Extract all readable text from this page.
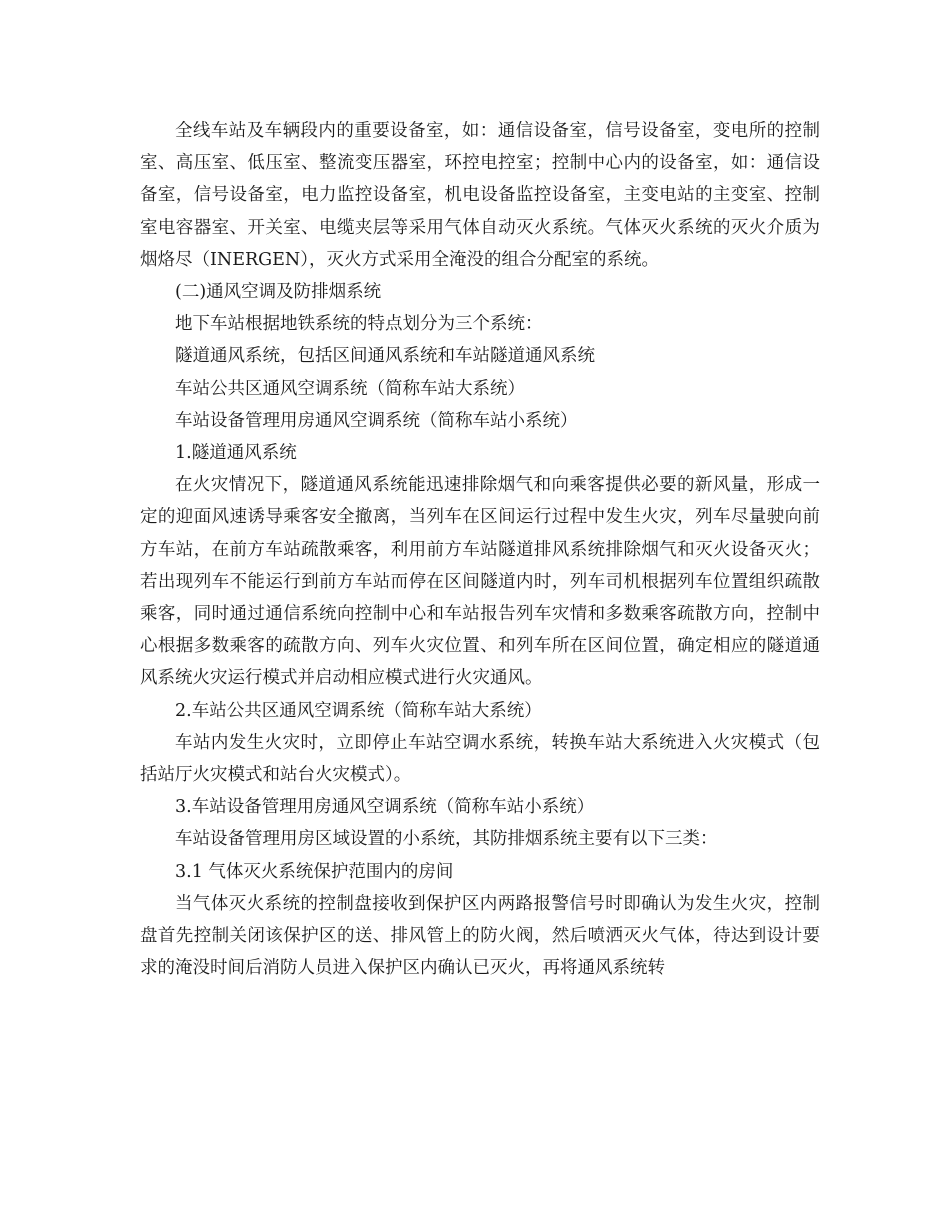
全线车站及车辆段内的重要设备室，如：通信设备室，信号设备室，变电所的控制室、高压室、低压室、整流变压器室，环控电控室；控制中心内的设备室，如：通信设备室，信号设备室，电力监控设备室，机电设备监控设备室，主变电站的主变室、控制室电容器室、开关室、电缆夹层等采用气体自动灭火系统。气体灭火系统的灭火介质为烟烙尽（INERGEN），灭火方式采用全淹没的组合分配室的系统。

(二)通风空调及防排烟系统

地下车站根据地铁系统的特点划分为三个系统：

隧道通风系统，包括区间通风系统和车站隧道通风系统

车站公共区通风空调系统（简称车站大系统）

车站设备管理用房通风空调系统（简称车站小系统）

1.隧道通风系统

在火灾情况下，隧道通风系统能迅速排除烟气和向乘客提供必要的新风量，形成一定的迎面风速诱导乘客安全撤离，当列车在区间运行过程中发生火灾，列车尽量驶向前方车站，在前方车站疏散乘客，利用前方车站隧道排风系统排除烟气和灭火设备灭火；若出现列车不能运行到前方车站而停在区间隧道内时，列车司机根据列车位置组织疏散乘客，同时通过通信系统向控制中心和车站报告列车灾情和多数乘客疏散方向，控制中心根据多数乘客的疏散方向、列车火灾位置、和列车所在区间位置，确定相应的隧道通风系统火灾运行模式并启动相应模式进行火灾通风。

2.车站公共区通风空调系统（简称车站大系统）

车站内发生火灾时，立即停止车站空调水系统，转换车站大系统进入火灾模式（包括站厅火灾模式和站台火灾模式）。

3.车站设备管理用房通风空调系统（简称车站小系统）

车站设备管理用房区域设置的小系统，其防排烟系统主要有以下三类：

3.1 气体灭火系统保护范围内的房间

当气体灭火系统的控制盘接收到保护区内两路报警信号时即确认为发生火灾，控制盘首先控制关闭该保护区的送、排风管上的防火阀，然后喷洒灭火气体，待达到设计要求的淹没时间后消防人员进入保护区内确认已灭火，再将通风系统转
